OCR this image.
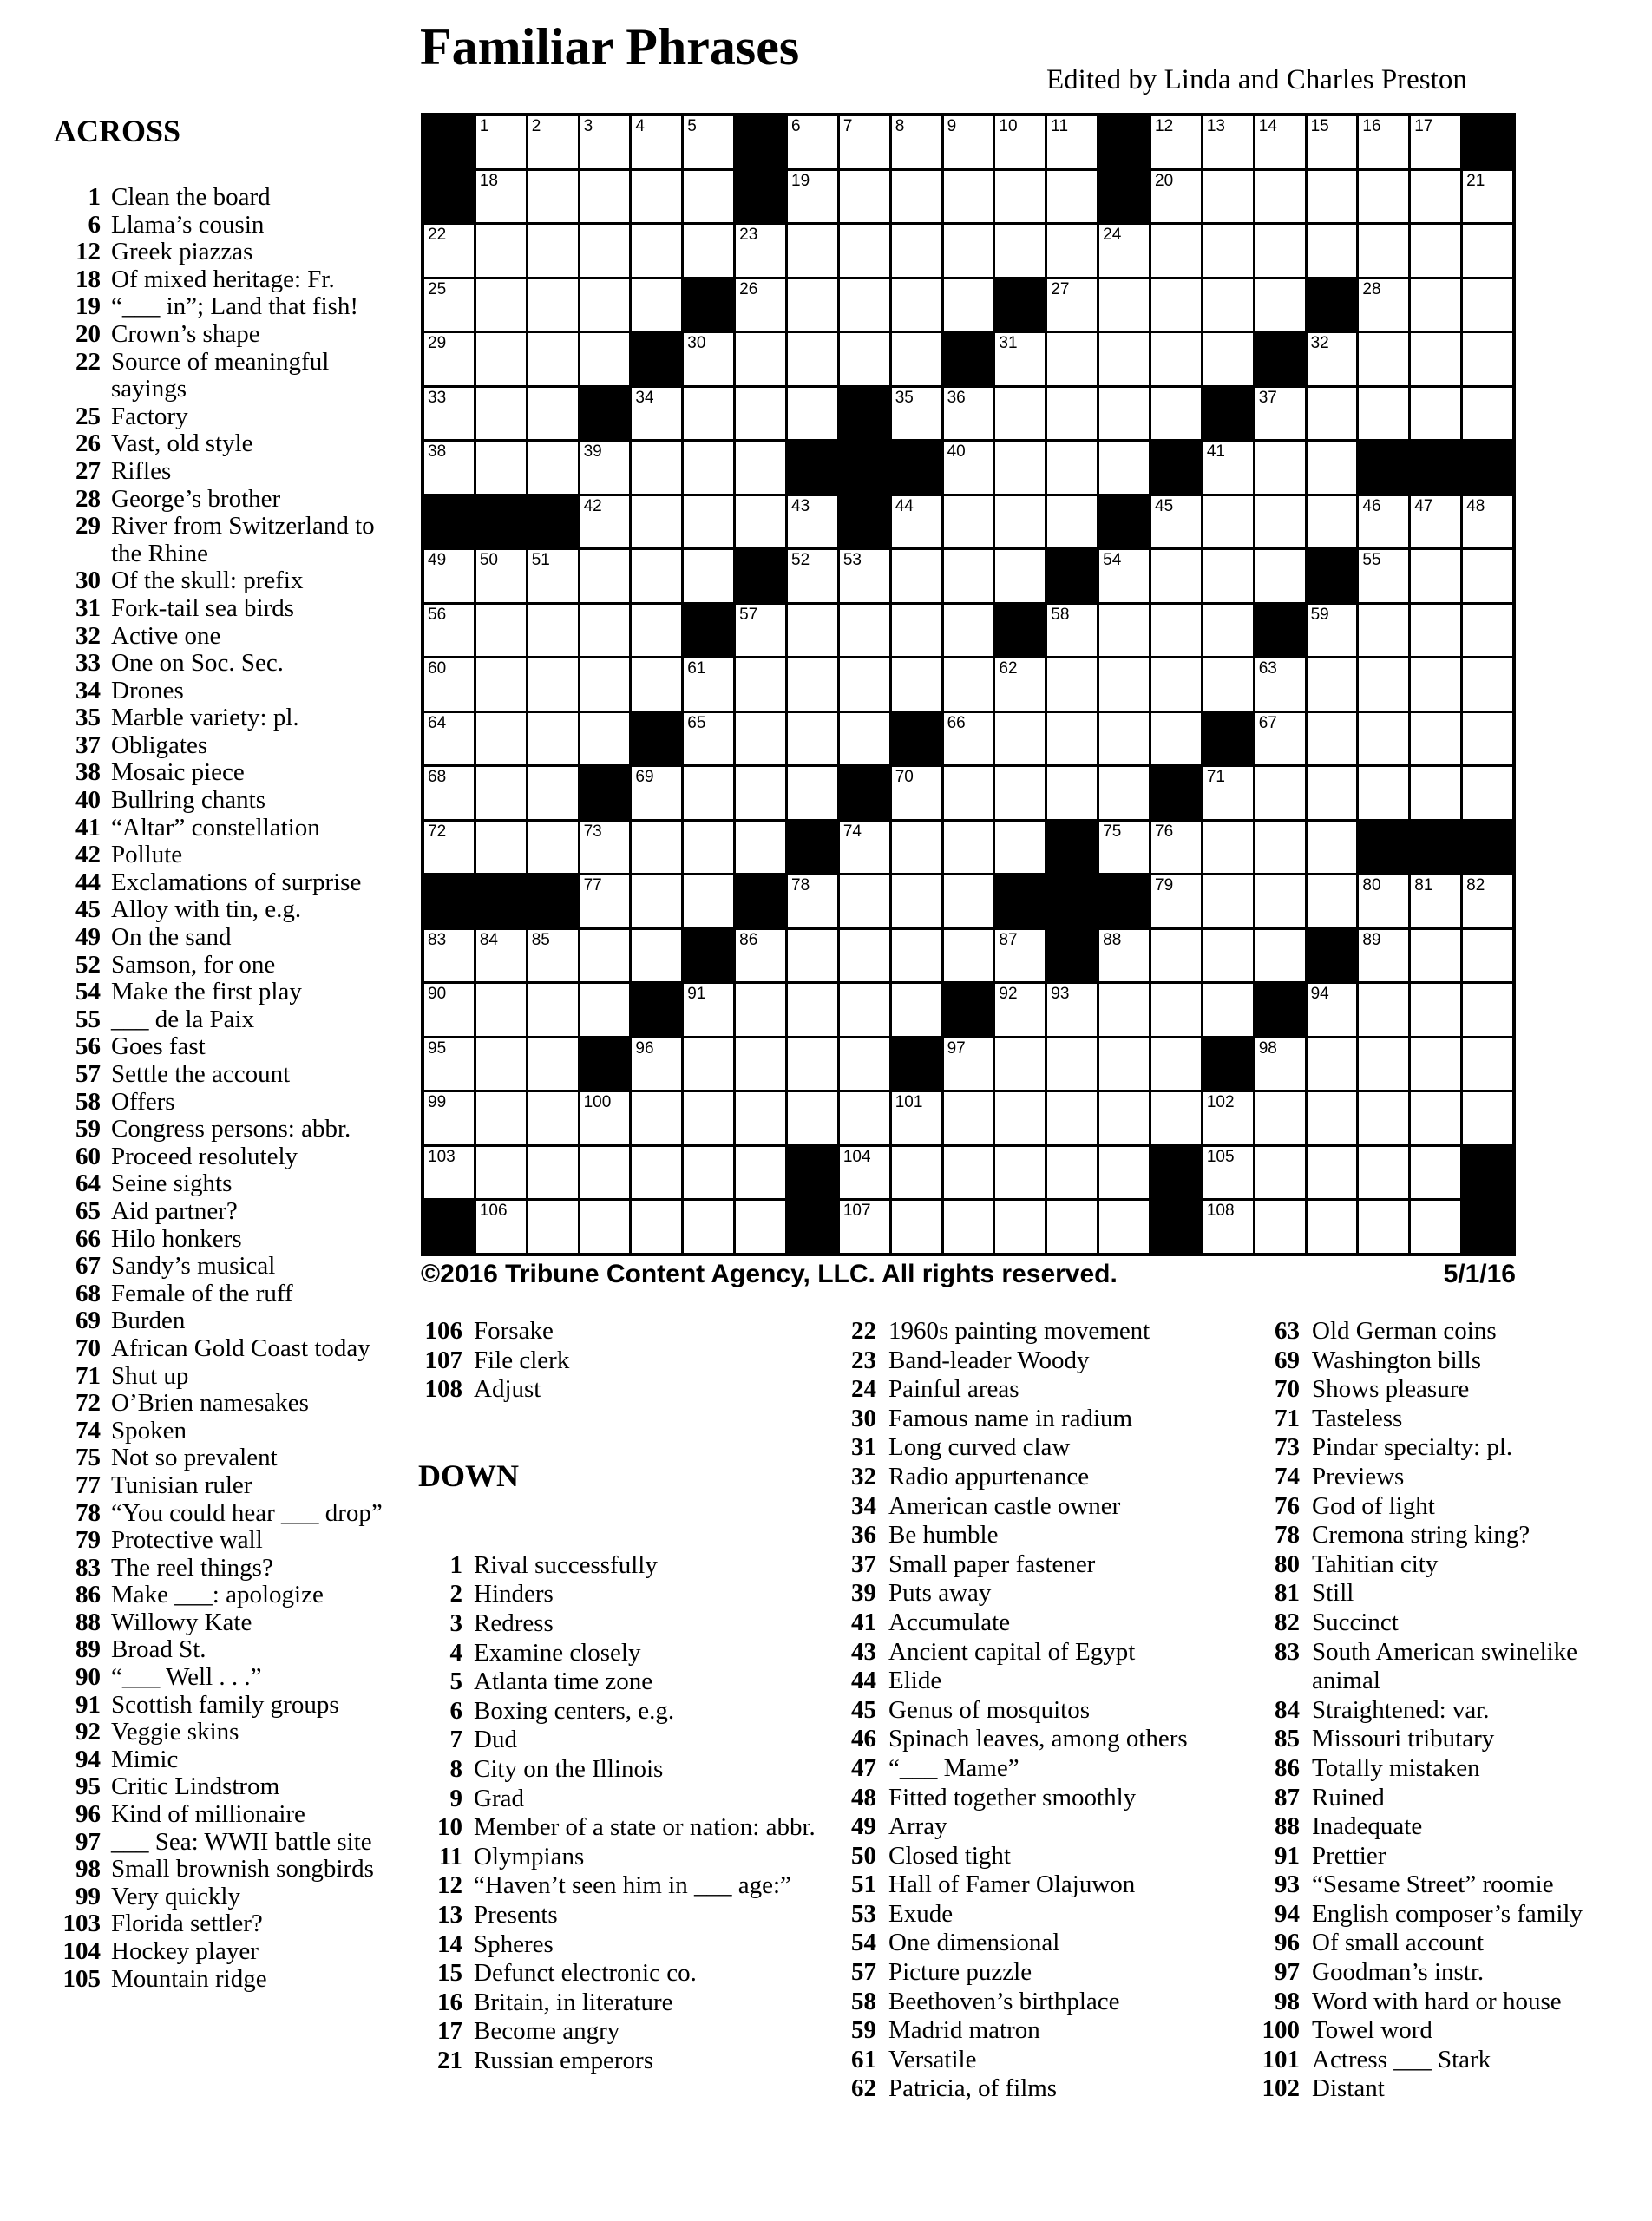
Familiar Phrases
Edited by Linda and Charles Preston
ACROSS
1 Clean the board
6 Llama’s cousin
12 Greek piazzas
18 Of mixed heritage: Fr.
19 “___ in”; Land that fish!
20 Crown’s shape
22 Source of meaningful sayings
25 Factory
26 Vast, old style
27 Rifles
28 George’s brother
29 River from Switzerland to the Rhine
30 Of the skull: prefix
31 Fork-tail sea birds
32 Active one
33 One on Soc. Sec.
34 Drones
35 Marble variety: pl.
37 Obligates
38 Mosaic piece
40 Bullring chants
41 “Altar” constellation
42 Pollute
44 Exclamations of surprise
45 Alloy with tin, e.g.
49 On the sand
52 Samson, for one
54 Make the first play
55 ___ de la Paix
56 Goes fast
57 Settle the account
58 Offers
59 Congress persons: abbr.
60 Proceed resolutely
64 Seine sights
65 Aid partner?
66 Hilo honkers
67 Sandy’s musical
68 Female of the ruff
69 Burden
70 African Gold Coast today
71 Shut up
72 O’Brien namesakes
74 Spoken
75 Not so prevalent
77 Tunisian ruler
78 “You could hear ___ drop”
79 Protective wall
83 The reel things?
86 Make ___: apologize
88 Willowy Kate
89 Broad St.
90 “___ Well . . .”
91 Scottish family groups
92 Veggie skins
94 Mimic
95 Critic Lindstrom
96 Kind of millionaire
97 ___ Sea: WWII battle site
98 Small brownish songbirds
99 Very quickly
103 Florida settler?
104 Hockey player
105 Mountain ridge
1	2	3	4	5	6	7	8	9	10 11	12 13 14 15 16 17
18	19	20	21
22	23	24
25	26	27	28
29	30	31	32
33	34	35 36	37
38	39	40	41
42	43	44	45	46 47 48
49 50 51	52 53	54	55
56	57	58	59
60	61	62	63
64	65	66	67
68	69	70	71
72	73	74	75 76
77	78	79	80 81 82
83 84 85	86	87	88	89
90	91	92 93	94
95	96	97	98
99	100	101	102
103	104	105
106	107	108
©2016 Tribune Content Agency, LLC. All rights reserved.	5/1/16
106 Forsake
107 File clerk
108 Adjust
DOWN
1 Rival successfully
2 Hinders
3 Redress
4 Examine closely
5 Atlanta time zone
6 Boxing centers, e.g.
7 Dud
8 City on the Illinois
9 Grad
10 Member of a state or nation: abbr.
11 Olympians
12 “Haven’t seen him in ___ age:”
13 Presents
14 Spheres
15 Defunct electronic co.
16 Britain, in literature
17 Become angry
21 Russian emperors
22 1960s painting movement
23 Band-leader Woody
24 Painful areas
30 Famous name in radium
31 Long curved claw
32 Radio appurtenance
34 American castle owner
36 Be humble
37 Small paper fastener
39 Puts away
41 Accumulate
43 Ancient capital of Egypt
44 Elide
45 Genus of mosquitos
46 Spinach leaves, among others
47 “___ Mame”
48 Fitted together smoothly
49 Array
50 Closed tight
51 Hall of Famer Olajuwon
53 Exude
54 One dimensional
57 Picture puzzle
58 Beethoven’s birthplace
59 Madrid matron
61 Versatile
62 Patricia, of films
63 Old German coins
69 Washington bills
70 Shows pleasure
71 Tasteless
73 Pindar specialty: pl.
74 Previews
76 God of light
78 Cremona string king?
80 Tahitian city
81 Still
82 Succinct
83 South American swinelike animal
84 Straightened: var.
85 Missouri tributary
86 Totally mistaken
87 Ruined
88 Inadequate
91 Prettier
93 “Sesame Street” roomie
94 English composer’s family
96 Of small account
97 Goodman’s instr.
98 Word with hard or house
100 Towel word
101 Actress ___ Stark
102 Distant
